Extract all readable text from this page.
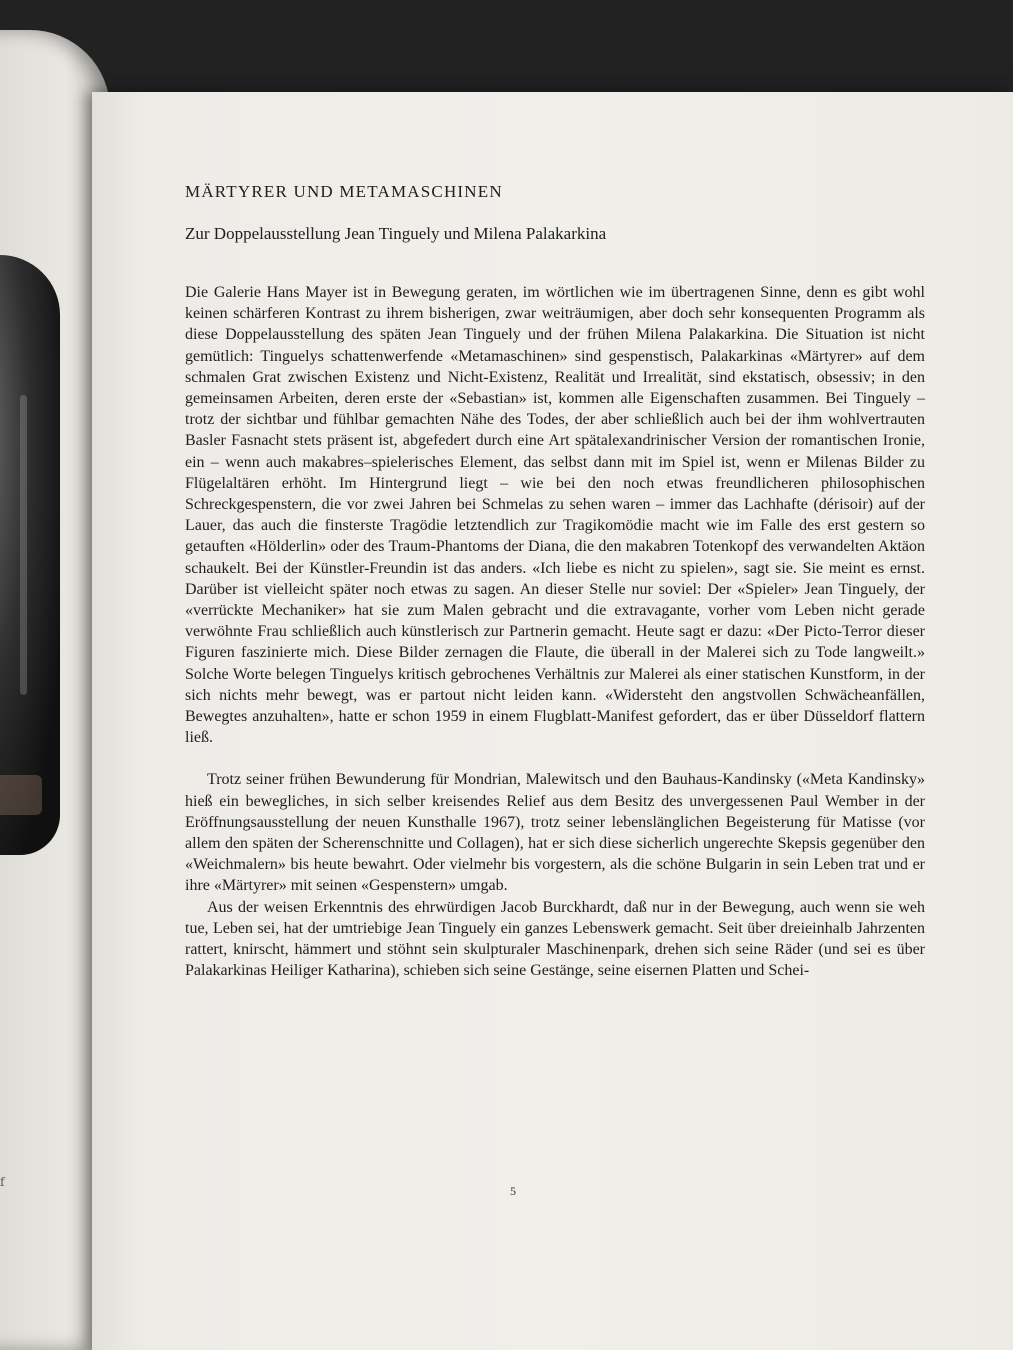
f
MÄRTYRER UND METAMASCHINEN
Zur Doppelausstellung Jean Tinguely und Milena Palakarkina

Die Galerie Hans Mayer ist in Bewegung geraten, im wörtlichen wie im übertragenen Sinne, denn es gibt wohl keinen schärferen Kontrast zu ihrem bisherigen, zwar weiträumigen, aber doch sehr konsequenten Programm als diese Doppelausstellung des späten Jean Tinguely und der frühen Milena Palakarkina. Die Situation ist nicht gemütlich: Tinguelys schattenwerfende «Metamaschinen» sind gespenstisch, Palakarkinas «Märtyrer» auf dem schmalen Grat zwischen Existenz und Nicht-Existenz, Realität und Irrealität, sind ekstatisch, obsessiv; in den gemeinsamen Arbeiten, deren erste der «Sebastian» ist, kommen alle Eigenschaften zusammen. Bei Tinguely – trotz der sichtbar und fühlbar gemachten Nähe des Todes, der aber schließlich auch bei der ihm wohlvertrauten Basler Fasnacht stets präsent ist, abgefedert durch eine Art spätalexandrinischer Version der romantischen Ironie, ein – wenn auch makabres–spielerisches Element, das selbst dann mit im Spiel ist, wenn er Milenas Bilder zu Flügelaltären erhöht. Im Hintergrund liegt – wie bei den noch etwas freundlicheren philosophischen Schreckgespenstern, die vor zwei Jahren bei Schmelas zu sehen waren – immer das Lachhafte (dérisoir) auf der Lauer, das auch die finsterste Tragödie letztendlich zur Tragikomödie macht wie im Falle des erst gestern so getauften «Hölderlin» oder des Traum-Phantoms der Diana, die den makabren Totenkopf des verwandelten Aktäon schaukelt. Bei der Künstler-Freundin ist das anders. «Ich liebe es nicht zu spielen», sagt sie. Sie meint es ernst. Darüber ist vielleicht später noch etwas zu sagen. An dieser Stelle nur soviel: Der «Spieler» Jean Tinguely, der «verrückte Mechaniker» hat sie zum Malen gebracht und die extravagante, vorher vom Leben nicht gerade verwöhnte Frau schließlich auch künstlerisch zur Partnerin gemacht. Heute sagt er dazu: «Der Picto-Terror dieser Figuren faszinierte mich. Diese Bilder zernagen die Flaute, die überall in der Malerei sich zu Tode langweilt.» Solche Worte belegen Tinguelys kritisch gebrochenes Verhältnis zur Malerei als einer statischen Kunstform, in der sich nichts mehr bewegt, was er partout nicht leiden kann. «Widersteht den angstvollen Schwächeanfällen, Bewegtes anzuhalten», hatte er schon 1959 in einem Flugblatt-Manifest gefordert, das er über Düsseldorf flattern ließ.

Trotz seiner frühen Bewunderung für Mondrian, Malewitsch und den Bauhaus-Kandinsky («Meta Kandinsky» hieß ein bewegliches, in sich selber kreisendes Relief aus dem Besitz des unvergessenen Paul Wember in der Eröffnungsausstellung der neuen Kunsthalle 1967), trotz seiner lebenslänglichen Begeisterung für Matisse (vor allem den späten der Scherenschnitte und Collagen), hat er sich diese sicherlich ungerechte Skepsis gegenüber den «Weichmalern» bis heute bewahrt. Oder vielmehr bis vorgestern, als die schöne Bulgarin in sein Leben trat und er ihre «Märtyrer» mit seinen «Gespenstern» umgab.

Aus der weisen Erkenntnis des ehrwürdigen Jacob Burckhardt, daß nur in der Bewegung, auch wenn sie weh tue, Leben sei, hat der umtriebige Jean Tinguely ein ganzes Lebenswerk gemacht. Seit über dreieinhalb Jahrzenten rattert, knirscht, hämmert und stöhnt sein skulpturaler Maschinenpark, drehen sich seine Räder (und sei es über Palakarkinas Heiliger Katharina), schieben sich seine Gestänge, seine eisernen Platten und Schei-

5
